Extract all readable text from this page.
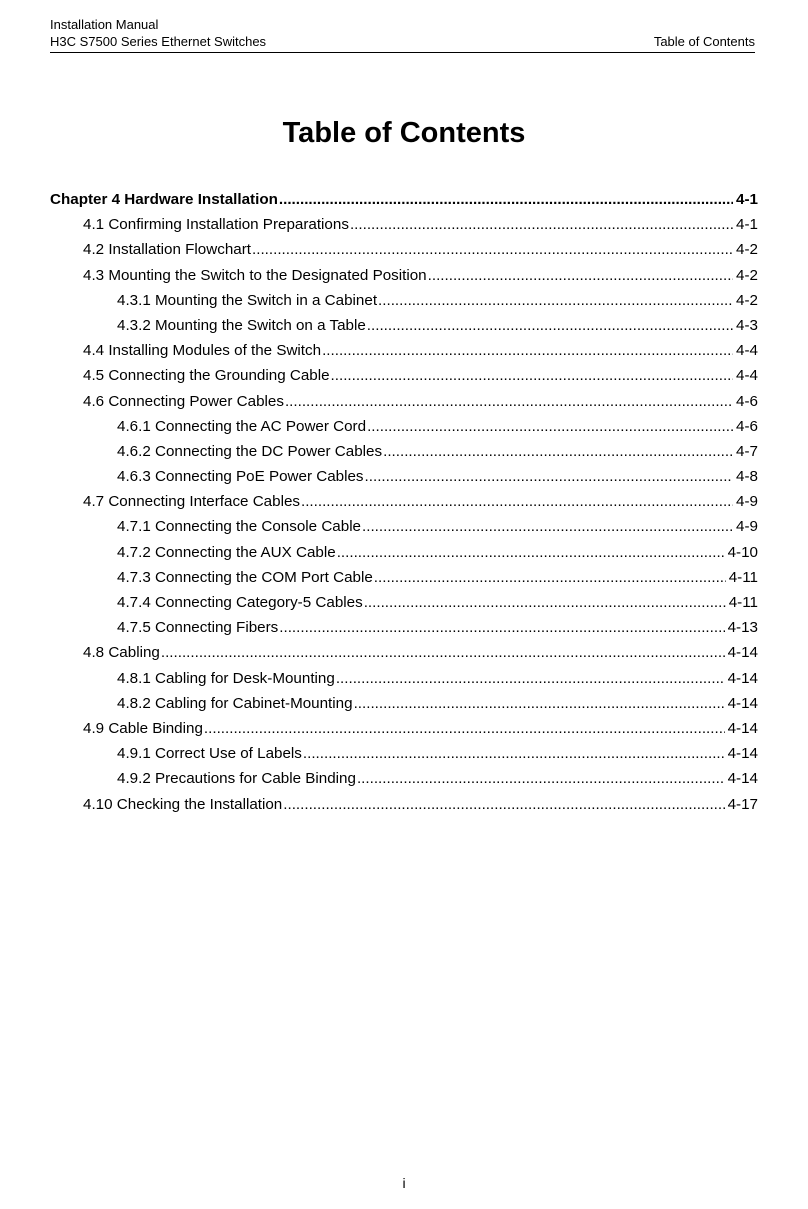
Installation Manual
H3C S7500 Series Ethernet Switches	Table of Contents
Table of Contents
Chapter 4 Hardware Installation .....	4-1
4.1 Confirming Installation Preparations .....	4-1
4.2 Installation Flowchart .....	4-2
4.3 Mounting the Switch to the Designated Position .....	4-2
4.3.1 Mounting the Switch in a Cabinet .....	4-2
4.3.2 Mounting the Switch on a Table .....	4-3
4.4 Installing Modules of the Switch .....	4-4
4.5 Connecting the Grounding Cable .....	4-4
4.6 Connecting Power Cables .....	4-6
4.6.1 Connecting the AC Power Cord .....	4-6
4.6.2 Connecting the DC Power Cables .....	4-7
4.6.3 Connecting PoE Power Cables .....	4-8
4.7 Connecting Interface Cables .....	4-9
4.7.1 Connecting the Console Cable .....	4-9
4.7.2 Connecting the AUX Cable .....	4-10
4.7.3 Connecting the COM Port Cable .....	4-11
4.7.4 Connecting Category-5 Cables .....	4-11
4.7.5 Connecting Fibers .....	4-13
4.8 Cabling .....	4-14
4.8.1 Cabling for Desk-Mounting .....	4-14
4.8.2 Cabling for Cabinet-Mounting .....	4-14
4.9 Cable Binding .....	4-14
4.9.1 Correct Use of Labels .....	4-14
4.9.2 Precautions for Cable Binding .....	4-14
4.10 Checking the Installation .....	4-17
i
